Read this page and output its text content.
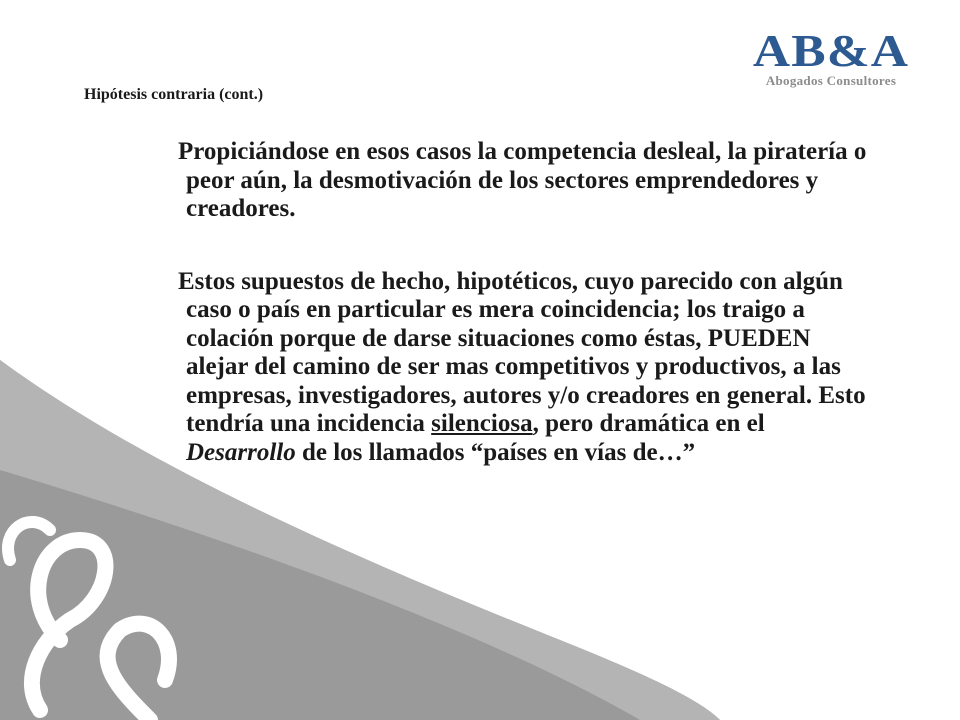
AB&A
Abogados Consultores
Hipótesis contraria (cont.)

Propiciándose en esos casos la competencia desleal, la piratería o peor aún, la desmotivación de los sectores emprendedores y creadores.

Estos supuestos de hecho, hipotéticos, cuyo parecido con algún caso o país en particular es mera coincidencia; los traigo a colación porque de darse situaciones como éstas, PUEDEN alejar del camino de ser mas competitivos y productivos, a las empresas, investigadores, autores y/o creadores en general. Esto tendría una incidencia silenciosa, pero dramática en el Desarrollo de los llamados “países en vías de…”
